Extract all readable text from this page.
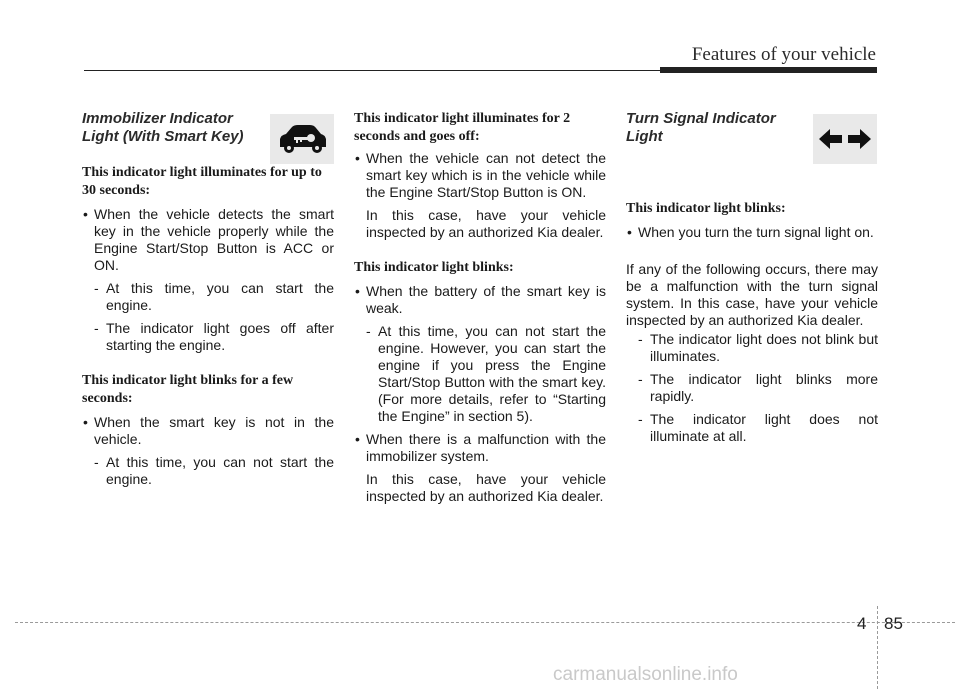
Features of your vehicle
Immobilizer Indicator Light (With Smart Key)

This indicator light illuminates for up to 30 seconds:

• When the vehicle detects the smart key in the vehicle properly while the Engine Start/Stop Button is ACC or ON.

- At this time, you can start the engine.
- The indicator light goes off after starting the engine.

This indicator light blinks for a few seconds:

• When the smart key is not in the vehicle.

- At this time, you can not start the engine.

This indicator light illuminates for 2 seconds and goes off:

• When the vehicle can not detect the smart key which is in the vehicle while the Engine Start/Stop Button is ON.

In this case, have your vehicle inspected by an authorized Kia dealer.

This indicator light blinks:

• When the battery of the smart key is weak.

- At this time, you can not start the engine. However, you can start the engine if you press the Engine Start/Stop Button with the smart key. (For more details, refer to “Starting the Engine” in section 5).

• When there is a malfunction with the immobilizer system.

In this case, have your vehicle inspected by an authorized Kia dealer.

Turn Signal Indicator Light

This indicator light blinks:

• When you turn the turn signal light on.

If any of the following occurs, there may be a malfunction with the turn signal system. In this case, have your vehicle inspected by an authorized Kia dealer.

- The indicator light does not blink but illuminates.
- The indicator light blinks more rapidly.
- The indicator light does not illuminate at all.
4 85
carmanualsonline.info
